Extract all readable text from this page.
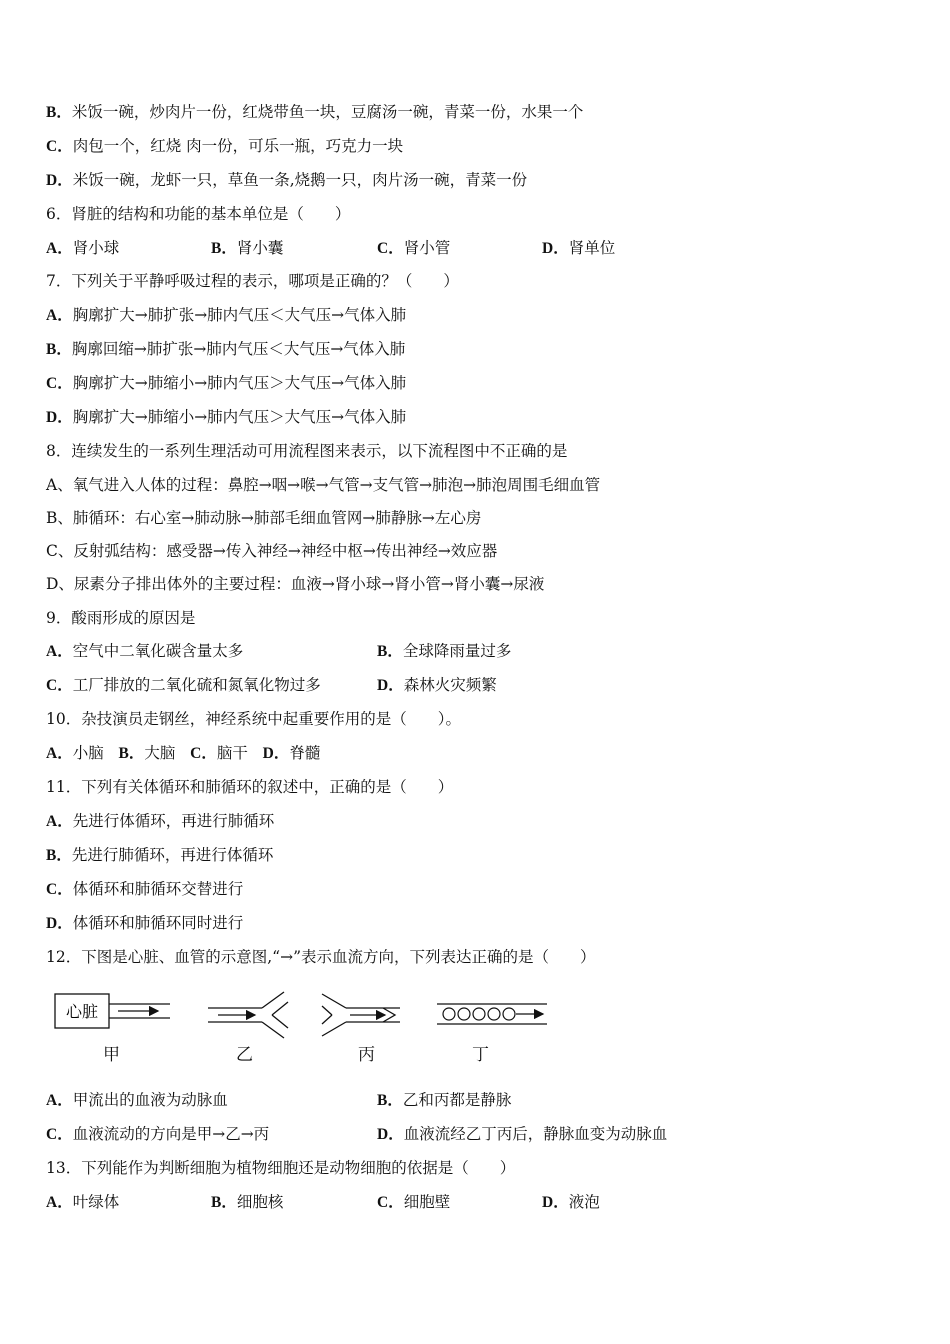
B．米饭一碗，炒肉片一份，红烧带鱼一块，豆腐汤一碗，青菜一份，水果一个
C．肉包一个，红烧 肉一份，可乐一瓶，巧克力一块
D．米饭一碗，龙虾一只，草鱼一条,烧鹅一只，肉片汤一碗，青菜一份
6．肾脏的结构和功能的基本单位是（　　）
A．肾小球	B．肾小囊	C．肾小管	D．肾单位
7．下列关于平静呼吸过程的表示，哪项是正确的？（　　）
A．胸廓扩大→肺扩张→肺内气压＜大气压→气体入肺
B．胸廓回缩→肺扩张→肺内气压＜大气压→气体入肺
C．胸廓扩大→肺缩小→肺内气压＞大气压→气体入肺
D．胸廓扩大→肺缩小→肺内气压＞大气压→气体入肺
8．连续发生的一系列生理活动可用流程图来表示，以下流程图中不正确的是
A、氧气进入人体的过程：鼻腔→咽→喉→气管→支气管→肺泡→肺泡周围毛细血管
B、肺循环：右心室→肺动脉→肺部毛细血管网→肺静脉→左心房
C、反射弧结构：感受器→传入神经→神经中枢→传出神经→效应器
D、尿素分子排出体外的主要过程：血液→肾小球→肾小管→肾小囊→尿液
9．酸雨形成的原因是
A．空气中二氧化碳含量太多	B．全球降雨量过多
C．工厂排放的二氧化硫和氮氧化物过多	D．森林火灾频繁
10．杂技演员走钢丝，神经系统中起重要作用的是（　　）。
A．小脑 B．大脑 C．脑干 D．脊髓
11．下列有关体循环和肺循环的叙述中，正确的是（　　）
A．先进行体循环，再进行肺循环
B．先进行肺循环，再进行体循环
C．体循环和肺循环交替进行
D．体循环和肺循环同时进行
12．下图是心脏、血管的示意图,“→”表示血流方向，下列表达正确的是（　　）
心脏
甲	乙	丙	丁
A．甲流出的血液为动脉血	B．乙和丙都是静脉
C．血液流动的方向是甲→乙→丙	D．血液流经乙丁丙后，静脉血变为动脉血
13．下列能作为判断细胞为植物细胞还是动物细胞的依据是（　　）
A．叶绿体	B．细胞核	C．细胞壁	D．液泡
